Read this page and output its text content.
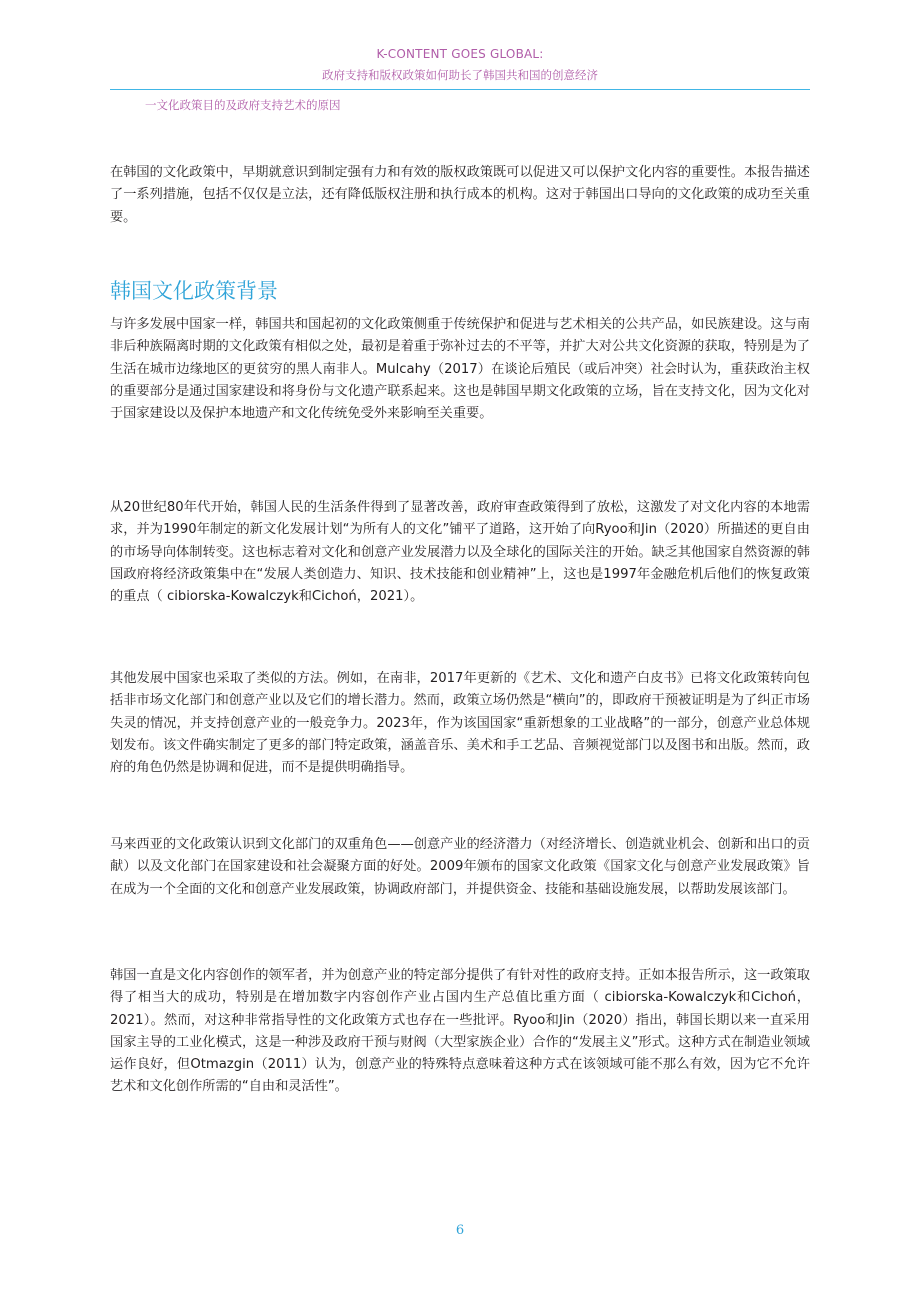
K-CONTENT GOES GLOBAL:
政府支持和版权政策如何助长了韩国共和国的创意经济
一文化政策目的及政府支持艺术的原因

在韩国的文化政策中，早期就意识到制定强有力和有效的版权政策既可以促进又可以保护文化内容的重要性。本报告描述了一系列措施，包括不仅仅是立法，还有降低版权注册和执行成本的机构。这对于韩国出口导向的文化政策的成功至关重要。

韩国文化政策背景

与许多发展中国家一样，韩国共和国起初的文化政策侧重于传统保护和促进与艺术相关的公共产品，如民族建设。这与南非后种族隔离时期的文化政策有相似之处，最初是着重于弥补过去的不平等，并扩大对公共文化资源的获取，特别是为了生活在城市边缘地区的更贫穷的黑人南非人。Mulcahy（2017）在谈论后殖民（或后冲突）社会时认为，重获政治主权的重要部分是通过国家建设和将身份与文化遗产联系起来。这也是韩国早期文化政策的立场，旨在支持文化，因为文化对于国家建设以及保护本地遗产和文化传统免受外来影响至关重要。

从20世纪80年代开始，韩国人民的生活条件得到了显著改善，政府审查政策得到了放松，这激发了对文化内容的本地需求，并为1990年制定的新文化发展计划“为所有人的文化”铺平了道路，这开始了向Ryoo和Jin（2020）所描述的更自由的市场导向体制转变。这也标志着对文化和创意产业发展潜力以及全球化的国际关注的开始。缺乏其他国家自然资源的韩国政府将经济政策集中在“发展人类创造力、知识、技术技能和创业精神”上，这也是1997年金融危机后他们的恢复政策的重点（ cibiorska-Kowalczyk和Cichoń，2021）。

其他发展中国家也采取了类似的方法。例如，在南非，2017年更新的《艺术、文化和遗产白皮书》已将文化政策转向包括非市场文化部门和创意产业以及它们的增长潜力。然而，政策立场仍然是“横向”的，即政府干预被证明是为了纠正市场失灵的情况，并支持创意产业的一般竞争力。2023年，作为该国国家“重新想象的工业战略”的一部分，创意产业总体规划发布。该文件确实制定了更多的部门特定政策，涵盖音乐、美术和手工艺品、音频视觉部门以及图书和出版。然而，政府的角色仍然是协调和促进，而不是提供明确指导。

马来西亚的文化政策认识到文化部门的双重角色——创意产业的经济潜力（对经济增长、创造就业机会、创新和出口的贡献）以及文化部门在国家建设和社会凝聚方面的好处。2009年颁布的国家文化政策《国家文化与创意产业发展政策》旨在成为一个全面的文化和创意产业发展政策，协调政府部门，并提供资金、技能和基础设施发展，以帮助发展该部门。

韩国一直是文化内容创作的领军者，并为创意产业的特定部分提供了有针对性的政府支持。正如本报告所示，这一政策取得了相当大的成功，特别是在增加数字内容创作产业占国内生产总值比重方面（ cibiorska-Kowalczyk和Cichoń，2021）。然而，对这种非常指导性的文化政策方式也存在一些批评。Ryoo和Jin（2020）指出，韩国长期以来一直采用国家主导的工业化模式，这是一种涉及政府干预与财阀（大型家族企业）合作的“发展主义”形式。这种方式在制造业领域运作良好，但Otmazgin（2011）认为，创意产业的特殊特点意味着这种方式在该领域可能不那么有效，因为它不允许艺术和文化创作所需的“自由和灵活性”。

6
